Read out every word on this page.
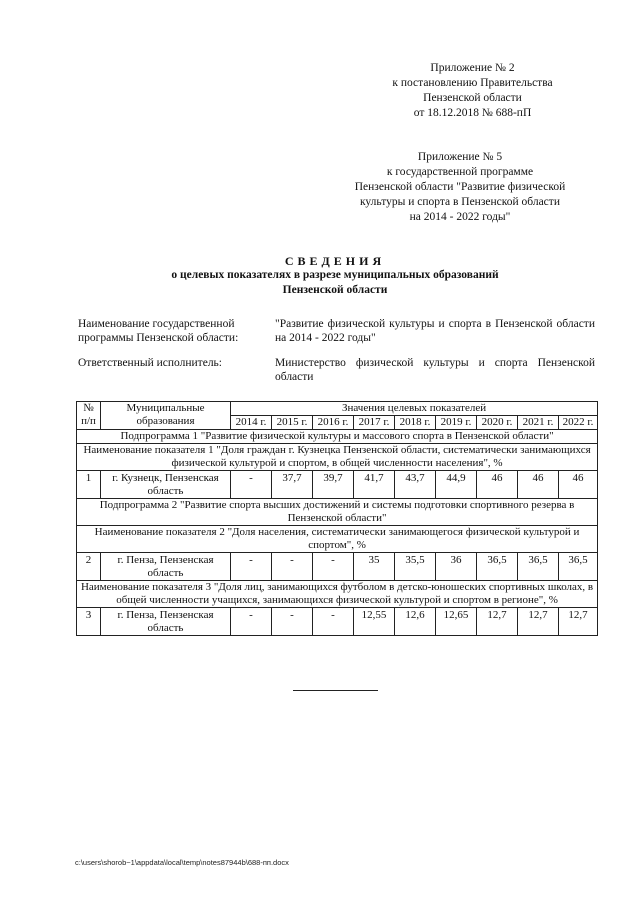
Приложение № 2
к постановлению Правительства
Пензенской области
от 18.12.2018 № 688-пП
Приложение № 5
к государственной программе
Пензенской области "Развитие физической
культуры и спорта в Пензенской области
на 2014 - 2022 годы"
СВЕДЕНИЯ
о целевых показателях в разрезе муниципальных образований
Пензенской области
Наименование государственной программы Пензенской области:
"Развитие физической культуры и спорта в Пензенской области на 2014 - 2022 годы"
Ответственный исполнитель:	Министерство физической культуры и спорта Пензенской области
№ п/п	Муниципальные образования	Значения целевых показателей								
		2014 г.	2015 г.	2016 г.	2017 г.	2018 г.	2019 г.	2020 г.	2021 г.	2022 г.
Подпрограмма 1 "Развитие физической культуры и массового спорта в Пензенской области"										
Наименование показателя 1 "Доля граждан г. Кузнецка Пензенской области, систематически занимающихся физической культурой и спортом, в общей численности населения", %										
1	г. Кузнецк, Пензенская область	-	37,7	39,7	41,7	43,7	44,9	46	46	46
Подпрограмма 2 "Развитие спорта высших достижений и системы подготовки спортивного резерва в Пензенской области"										
Наименование показателя 2 "Доля населения, систематически занимающегося физической культурой и спортом", %										
2	г. Пенза, Пензенская область	-	-	-	35	35,5	36	36,5	36,5	36,5
Наименование показателя 3 "Доля лиц, занимающихся футболом в детско-юношеских спортивных школах, в общей численности учащихся, занимающихся физической культурой и спортом в регионе", %										
3	г. Пенза, Пензенская область	-	-	-	12,55	12,6	12,65	12,7	12,7	12,7
c:\users\shorob~1\appdata\local\temp\notes87944b\688-пп.docx
